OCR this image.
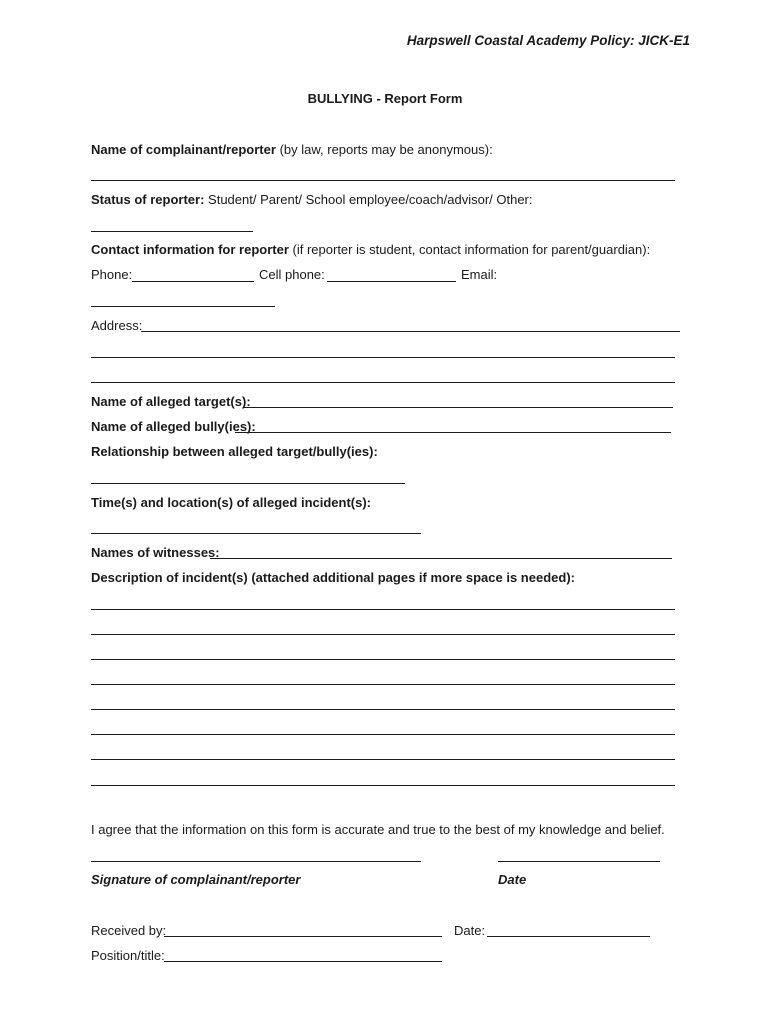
Harpswell Coastal Academy Policy: JICK-E1
BULLYING - Report Form
Name of complainant/reporter (by law, reports may be anonymous):
Status of reporter: Student/ Parent/ School employee/coach/advisor/ Other:
Contact information for reporter (if reporter is student, contact information for parent/guardian):
Phone:	Cell phone:	Email:
Address:
Name of alleged target(s):
Name of alleged bully(ies):
Relationship between alleged target/bully(ies):
Time(s) and location(s) of alleged incident(s):
Names of witnesses:
Description of incident(s) (attached additional pages if more space is needed):
I agree that the information on this form is accurate and true to the best of my knowledge and belief.
Signature of complainant/reporter	Date
Received by:	Date:
Position/title:
